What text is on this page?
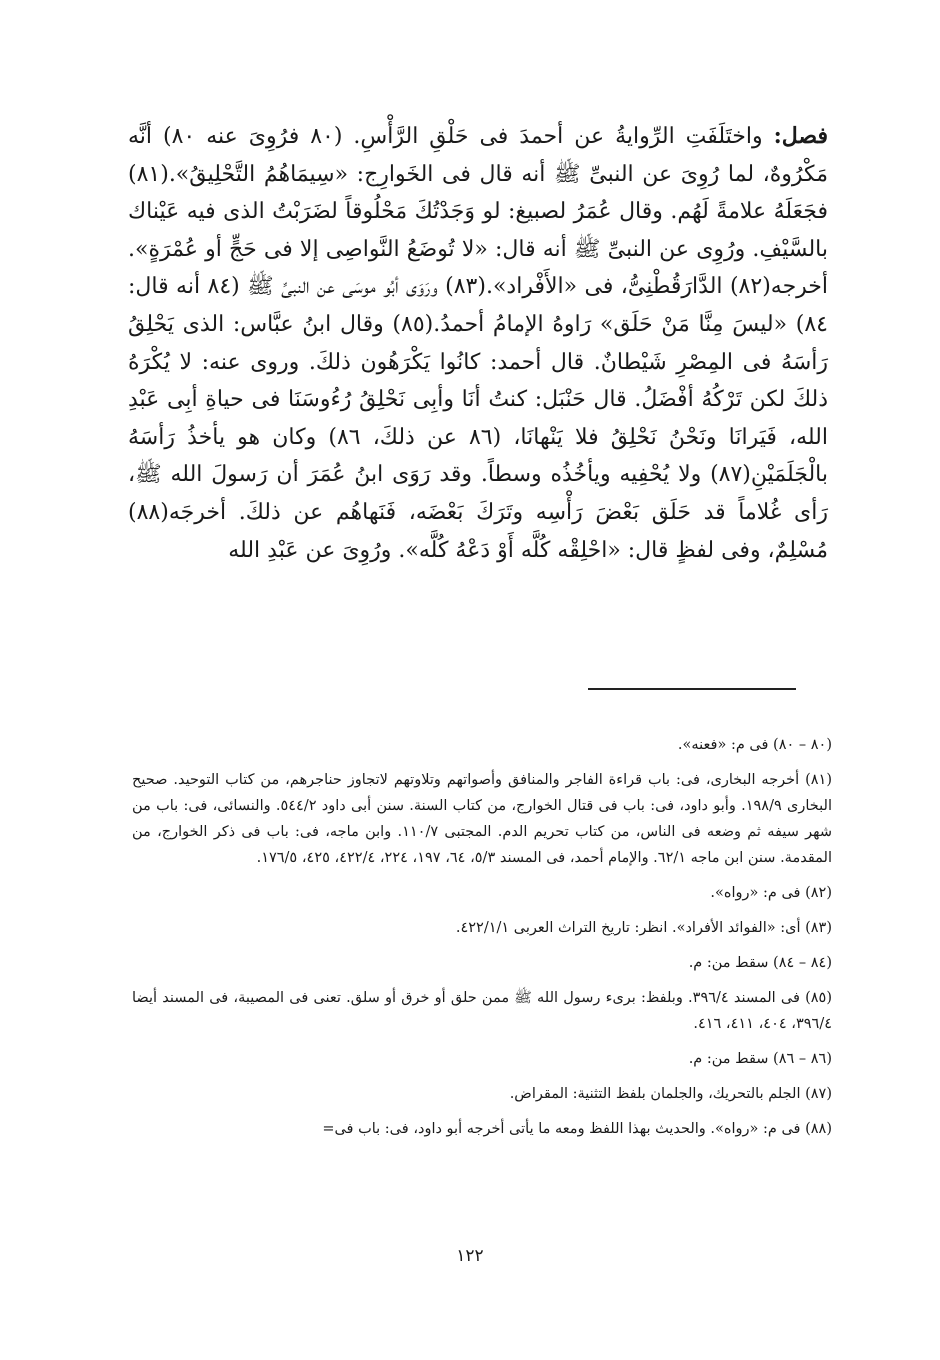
فصل: واختَلَفَتِ الرِّوايةُ عن أحمدَ فى حَلْقِ الرَّأْسِ. (٨٠ فرُوِىَ عنه ٨٠) أنَّه مَكْرُوهٌ، لما رُوِىَ عن النبىِّ ﷺ أنه قال فى الخَوارِج: «سِيمَاهُمُ التَّحْلِيقُ».(٨١) فجَعَلَهُ علامةً لَهُم. وقال عُمَرُ لصبيغ: لو وَجَدْتُكَ مَحْلُوقاً لضَرَبْتُ الذى فيه عَيْناك بالسَّيْفِ. ورُوِى عن النبىِّ ﷺ أنه قال: «لا تُوضَعُ النَّواصِى إلا فى حَجٍّ أو عُمْرَةٍ». أخرجه(٨٢) الدَّارَقُطْنِىُّ، فى «الأَفْراد».(٨٣) ورَوَى أبُو موسَى عن النبىِّ ﷺ (٨٤ أنه قال: ٨٤) «ليسَ مِنَّا مَنْ حَلَق» رَاوهُ الإمامُ أحمدُ.(٨٥) وقال ابنُ عبَّاس: الذى يَحْلِقُ رَأسَهُ فى المِصْرِ شَيْطانٌ. قال أحمد: كانُوا يَكْرَهُون ذلكَ. وروى عنه: لا يُكْرَهُ ذلكَ لكن تَرْكُهُ أفْضَلُ. قال حَنْبَل: كنتُ أنَا وأبِى نَحْلِقُ رُءُوسَنَا فى حياةِ أبِى عَبْدِ الله، فَيَرانَا ونَحْنُ نَحْلِقُ فلا يَنْهانَا، (٨٦ عن ذلكَ، ٨٦) وكان هو يأخذُ رَأسَهُ بالْجَلَمَيْنِ(٨٧) ولا يُحْفِيه ويأخُذُه وسطاً. وقد رَوَى ابنُ عُمَرَ أن رَسولَ الله ﷺ، رَأى غُلاماً قد حَلَق بَعْضَ رَأْسِه وتَرَكَ بَعْضَه، فَنَهاهُم عن ذلكَ. أخرجَه(٨٨) مُسْلِمٌ، وفى لفظٍ قال: «احْلِقْه كُلَّه أَوْ دَعْهُ كُلَّه». ورُوِىَ عن عَبْدِ الله

(٨٠ – ٨٠) فى م: «فعنه».

(٨١) أخرجه البخارى، فى: باب قراءة الفاجر والمنافق وأصواتهم وتلاوتهم لاتجاوز حناجرهم، من كتاب التوحيد. صحيح البخارى ١٩٨/٩. وأبو داود، فى: باب فى قتال الخوارج، من كتاب السنة. سنن أبى داود ٥٤٤/٢. والنسائى، فى: باب من شهر سيفه ثم وضعه فى الناس، من كتاب تحريم الدم. المجتبى ١١٠/٧. وابن ماجه، فى: باب فى ذكر الخوارج، من المقدمة. سنن ابن ماجه ٦٢/١. والإمام أحمد، فى المسند ٥/٣، ٦٤، ١٩٧، ٢٢٤، ٤٢٢/٤، ٤٢٥، ١٧٦/٥.

(٨٢) فى م: «رواه».

(٨٣) أى: «الفوائد الأفراد». انظر: تاريخ التراث العربى ٤٢٢/١/١.

(٨٤ – ٨٤) سقط من: م.

(٨٥) فى المسند ٣٩٦/٤. وبلفظ: برىء رسول الله ﷺ ممن حلق أو خرق أو سلق. تعنى فى المصيبة، فى المسند أيضا ٣٩٦/٤، ٤٠٤، ٤١١، ٤١٦.

(٨٦ – ٨٦) سقط من: م.

(٨٧) الجلم بالتحريك، والجلمان بلفظ التثنية: المقراض.

(٨٨) فى م: «رواه». والحديث بهذا اللفظ ومعه ما يأتى أخرجه أبو داود، فى: باب فى=

١٢٢
